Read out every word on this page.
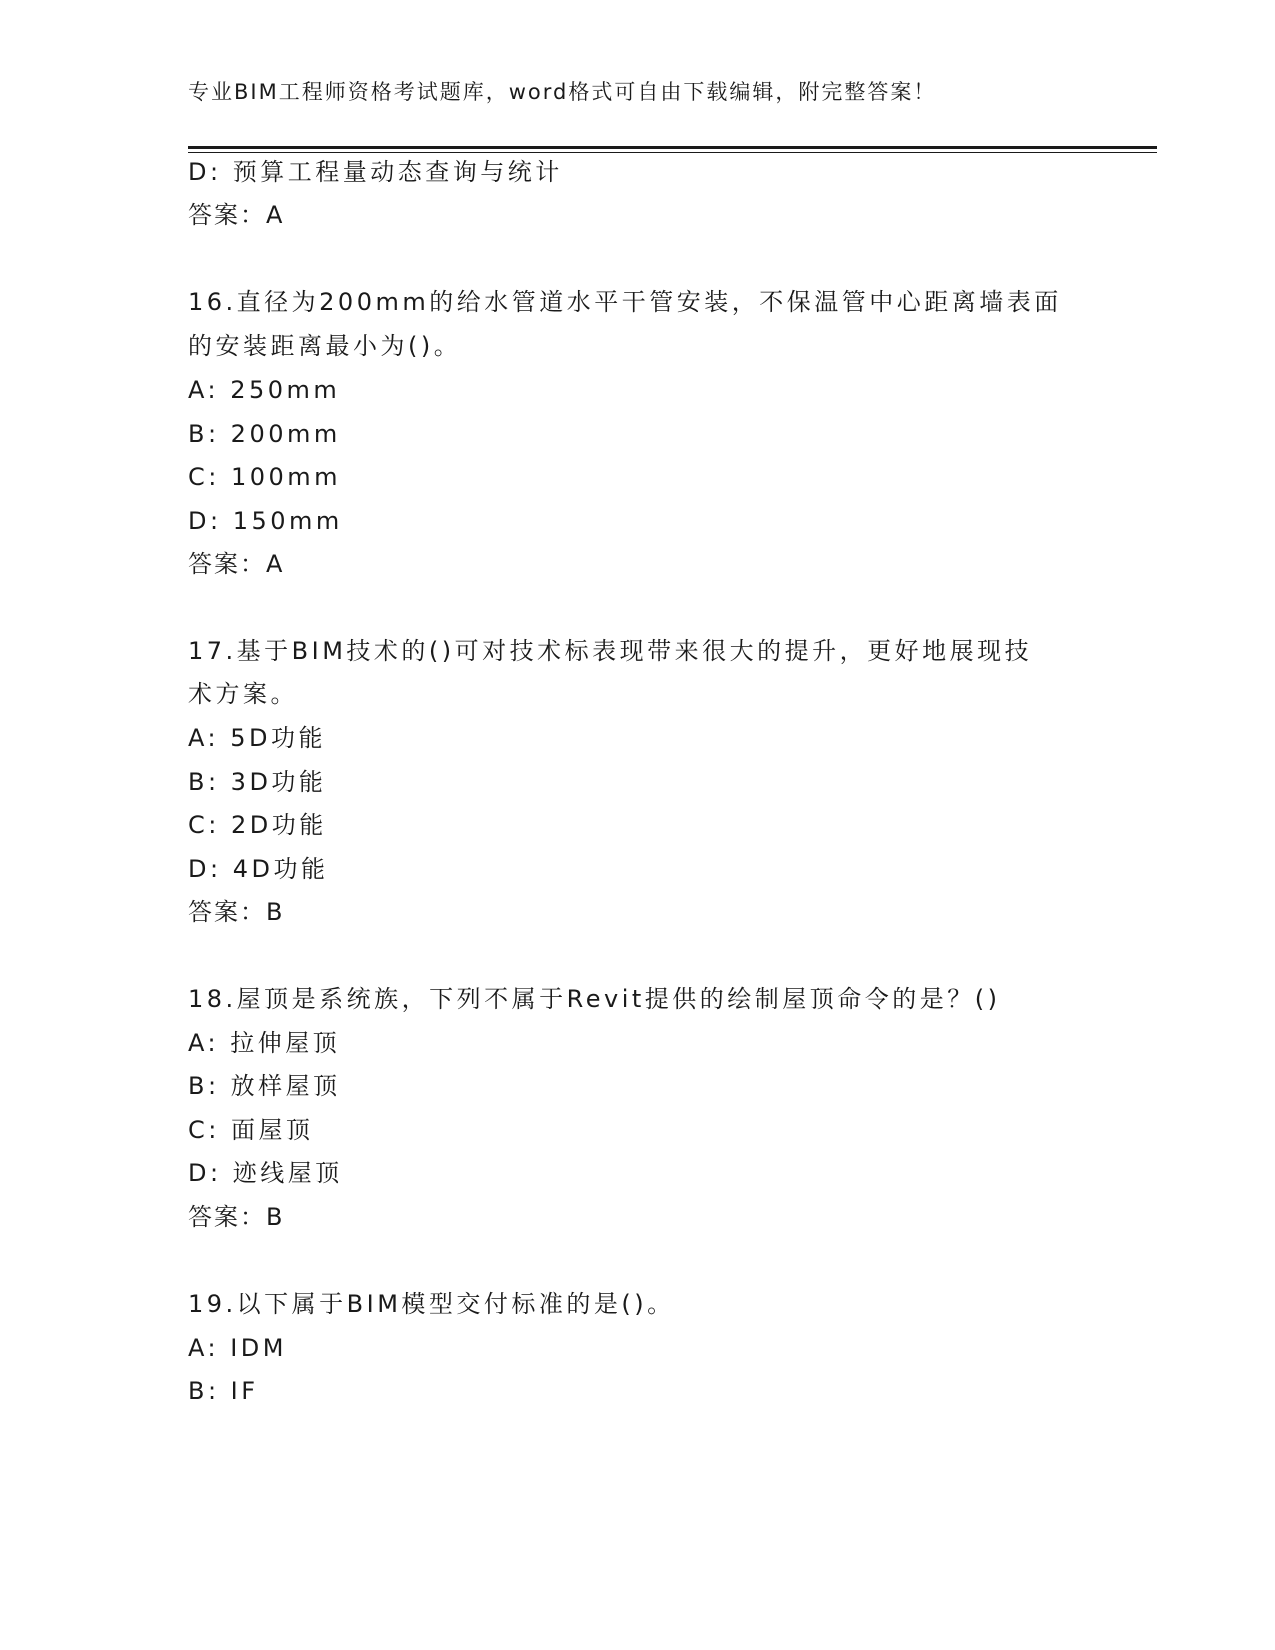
专业BIM工程师资格考试题库，word格式可自由下载编辑，附完整答案！
D: 预算工程量动态查询与统计
答案：A
16.直径为200mm的给水管道水平干管安装，不保温管中心距离墙表面
的安装距离最小为()。
A: 250mm
B: 200mm
C: 100mm
D: 150mm
答案：A
17.基于BIM技术的()可对技术标表现带来很大的提升，更好地展现技
术方案。
A: 5D功能
B: 3D功能
C: 2D功能
D: 4D功能
答案：B
18.屋顶是系统族，下列不属于Revit提供的绘制屋顶命令的是？()
A: 拉伸屋顶
B: 放样屋顶
C: 面屋顶
D: 迹线屋顶
答案：B
19.以下属于BIM模型交付标准的是()。
A: IDM
B: IF
